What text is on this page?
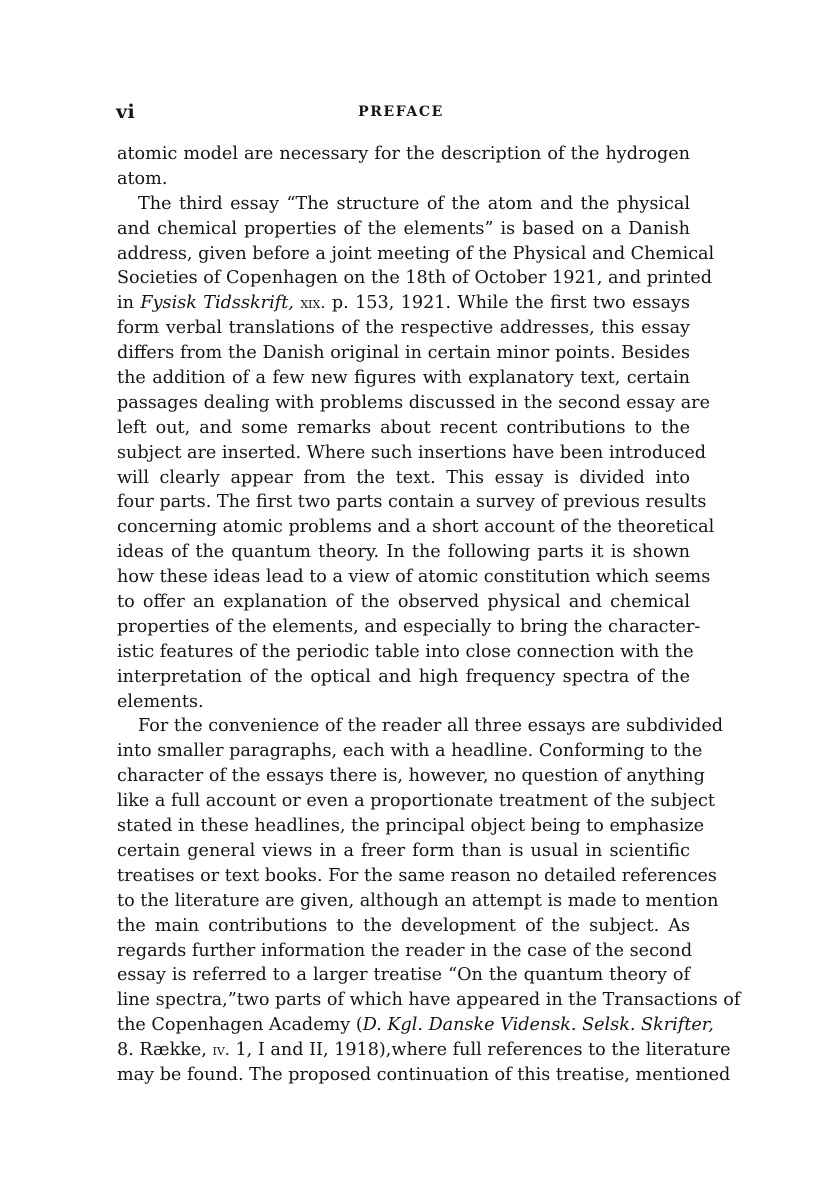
vi	PREFACE
atomic model are necessary for the description of the hydrogen
atom.
The third essay “The structure of the atom and the physical
and chemical properties of the elements” is based on a Danish
address, given before a joint meeting of the Physical and Chemical
Societies of Copenhagen on the 18th of October 1921, and printed
in Fysisk Tidsskrift, xix. p. 153, 1921. While the first two essays
form verbal translations of the respective addresses, this essay
differs from the Danish original in certain minor points. Besides
the addition of a few new figures with explanatory text, certain
passages dealing with problems discussed in the second essay are
left out, and some remarks about recent contributions to the
subject are inserted. Where such insertions have been introduced
will clearly appear from the text. This essay is divided into
four parts. The first two parts contain a survey of previous results
concerning atomic problems and a short account of the theoretical
ideas of the quantum theory. In the following parts it is shown
how these ideas lead to a view of atomic constitution which seems
to offer an explanation of the observed physical and chemical
properties of the elements, and especially to bring the character-
istic features of the periodic table into close connection with the
interpretation of the optical and high frequency spectra of the
elements.
For the convenience of the reader all three essays are subdivided
into smaller paragraphs, each with a headline. Conforming to the
character of the essays there is, however, no question of anything
like a full account or even a proportionate treatment of the subject
stated in these headlines, the principal object being to emphasize
certain general views in a freer form than is usual in scientific
treatises or text books. For the same reason no detailed references
to the literature are given, although an attempt is made to mention
the main contributions to the development of the subject. As
regards further information the reader in the case of the second
essay is referred to a larger treatise “On the quantum theory of
line spectra,”two parts of which have appeared in the Transactions of
the Copenhagen Academy (D. Kgl. Danske Vidensk. Selsk. Skrifter,
8. Række, iv. 1, I and II, 1918),where full references to the literature
may be found. The proposed continuation of this treatise, mentioned
